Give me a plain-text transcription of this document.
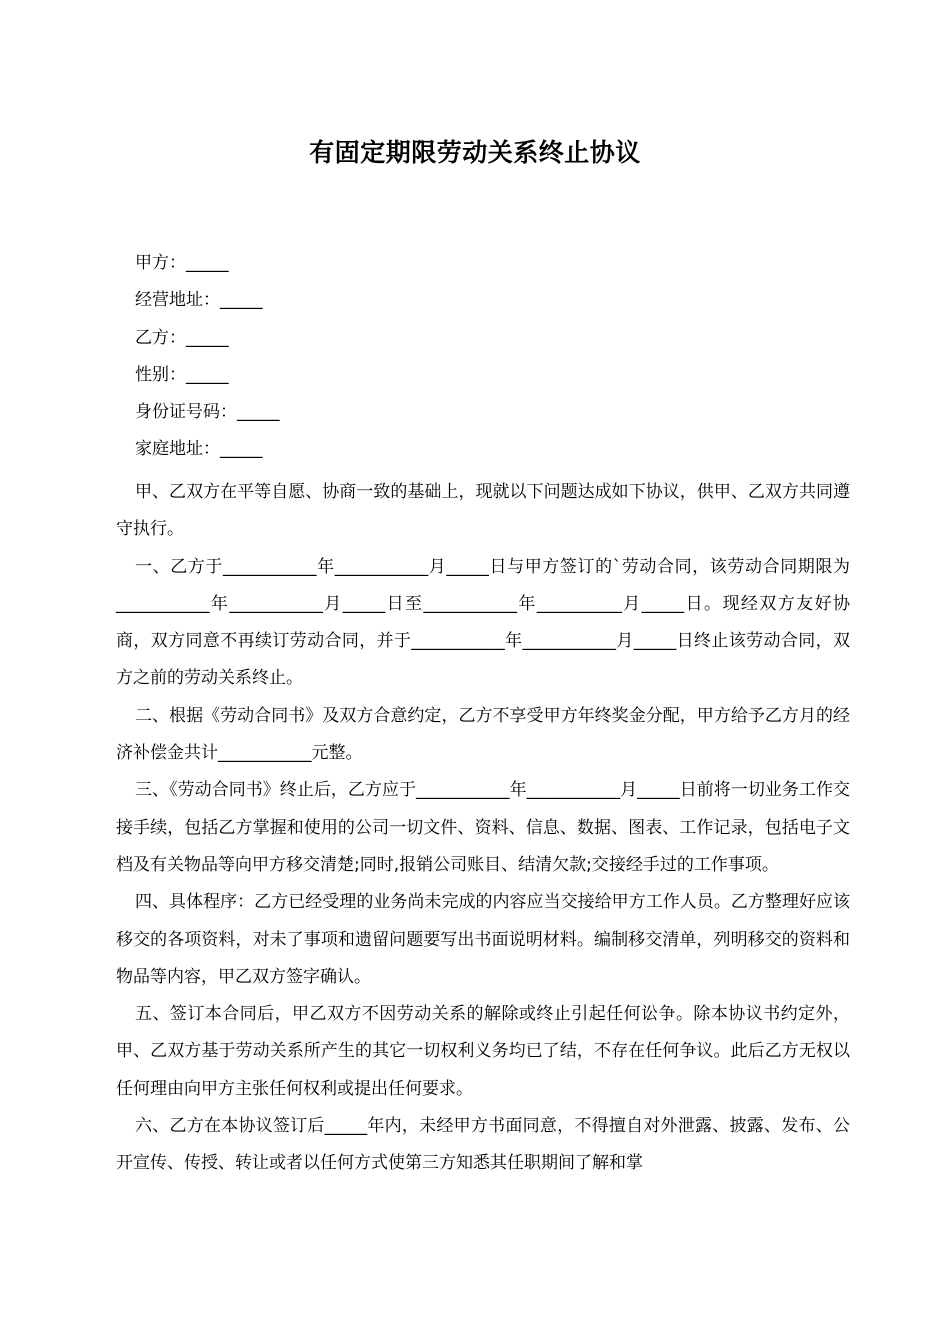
有固定期限劳动关系终止协议
甲方：_____
经营地址：_____
乙方：_____
性别：_____
身份证号码：_____
家庭地址：_____

甲、乙双方在平等自愿、协商一致的基础上，现就以下问题达成如下协议，供甲、乙双方共同遵守执行。

一、乙方于___________年___________月_____日与甲方签订的`劳动合同，该劳动合同期限为___________年___________月_____日至___________年__________月_____日。现经双方友好协商，双方同意不再续订劳动合同，并于___________年___________月_____日终止该劳动合同，双方之前的劳动关系终止。

二、根据《劳动合同书》及双方合意约定，乙方不享受甲方年终奖金分配，甲方给予乙方月的经济补偿金共计___________元整。

三、《劳动合同书》终止后，乙方应于___________年___________月_____日前将一切业务工作交接手续，包括乙方掌握和使用的公司一切文件、资料、信息、数据、图表、工作记录，包括电子文档及有关物品等向甲方移交清楚;同时,报销公司账目、结清欠款;交接经手过的工作事项。

四、具体程序：乙方已经受理的业务尚未完成的内容应当交接给甲方工作人员。乙方整理好应该移交的各项资料，对未了事项和遗留问题要写出书面说明材料。编制移交清单，列明移交的资料和物品等内容，甲乙双方签字确认。

五、签订本合同后，甲乙双方不因劳动关系的解除或终止引起任何讼争。除本协议书约定外，甲、乙双方基于劳动关系所产生的其它一切权利义务均已了结，不存在任何争议。此后乙方无权以任何理由向甲方主张任何权利或提出任何要求。

六、乙方在本协议签订后_____年内，未经甲方书面同意，不得擅自对外泄露、披露、发布、公开宣传、传授、转让或者以任何方式使第三方知悉其任职期间了解和掌
